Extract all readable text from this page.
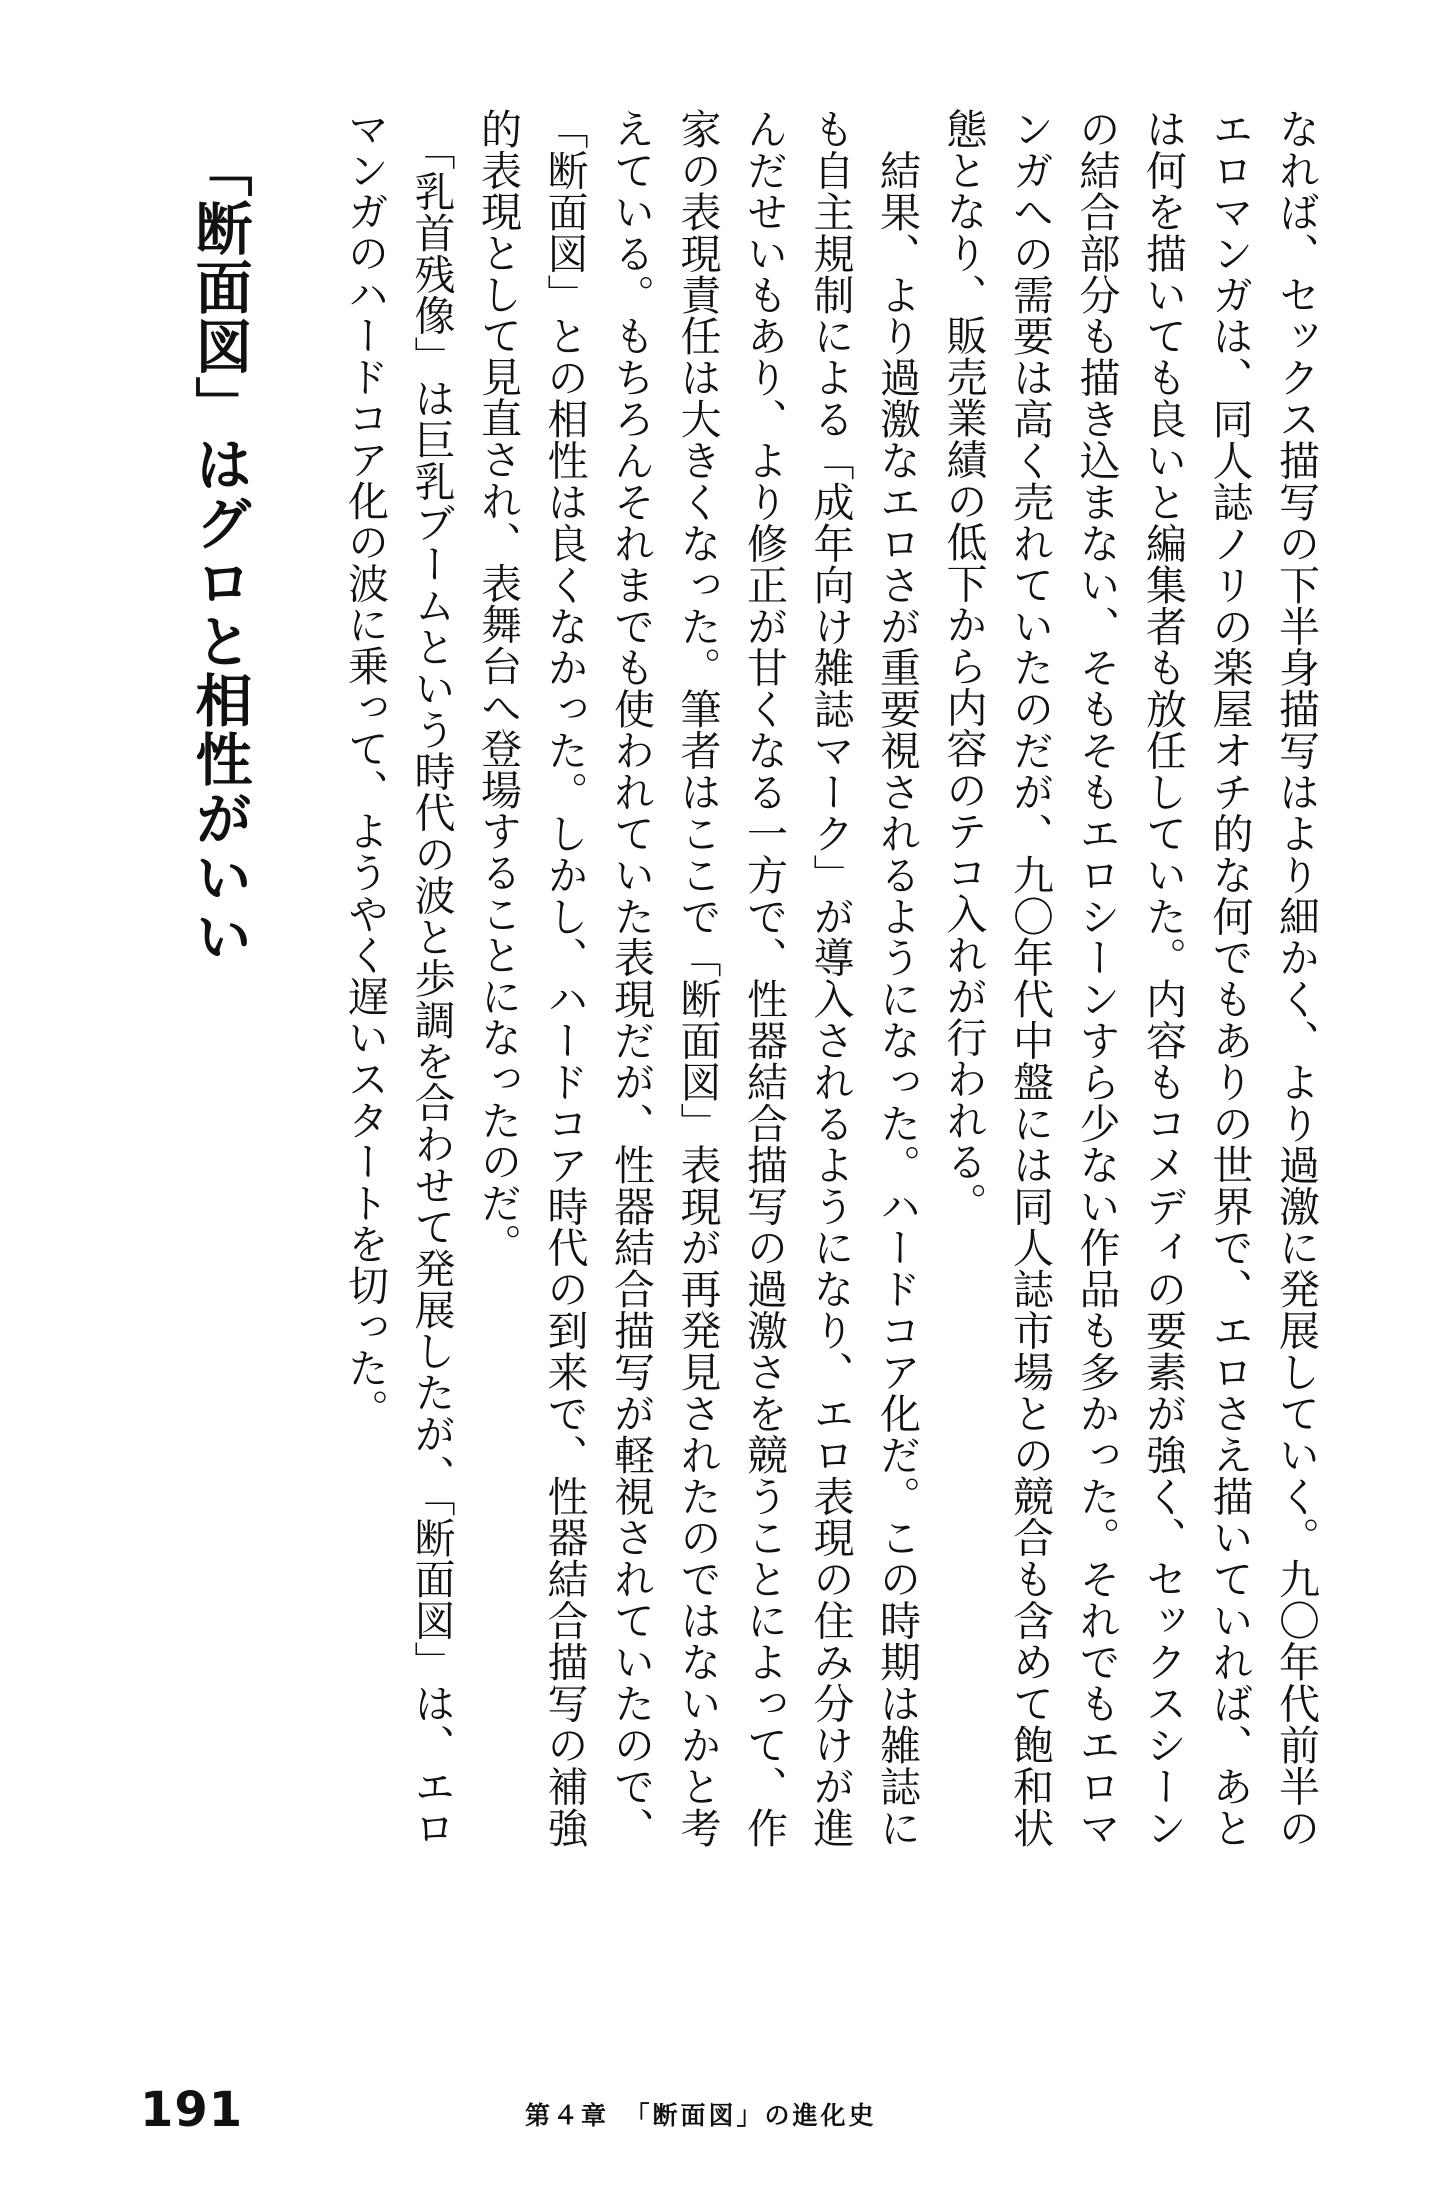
なれば、セックス描写の下半身描写はより細かく、より過激に発展していく。九〇年代前半の
エロマンガは、同人誌ノリの楽屋オチ的な何でもありの世界で、エロさえ描いていれば、あと
は何を描いても良いと編集者も放任していた。内容もコメディの要素が強く、セックスシーン
の結合部分も描き込まない、そもそもエロシーンすら少ない作品も多かった。それでもエロマ
ンガへの需要は高く売れていたのだが、九〇年代中盤には同人誌市場との競合も含めて飽和状
態となり、販売業績の低下から内容のテコ入れが行われる。
　結果、より過激なエロさが重要視されるようになった。ハードコア化だ。この時期は雑誌に
も自主規制による「成年向け雑誌マーク」が導入されるようになり、エロ表現の住み分けが進
んだせいもあり、より修正が甘くなる一方で、性器結合描写の過激さを競うことによって、作
家の表現責任は大きくなった。筆者はここで「断面図」表現が再発見されたのではないかと考
えている。もちろんそれまでも使われていた表現だが、性器結合描写が軽視されていたので、
「断面図」との相性は良くなかった。しかし、ハードコア時代の到来で、性器結合描写の補強
的表現として見直され、表舞台へ登場することになったのだ。
　「乳首残像」は巨乳ブームという時代の波と歩調を合わせて発展したが、「断面図」は、エロ
マンガのハードコア化の波に乗って、ようやく遅いスタートを切った。
「断面図」はグロと相性がいい
191	第４章　「断面図」の進化史
